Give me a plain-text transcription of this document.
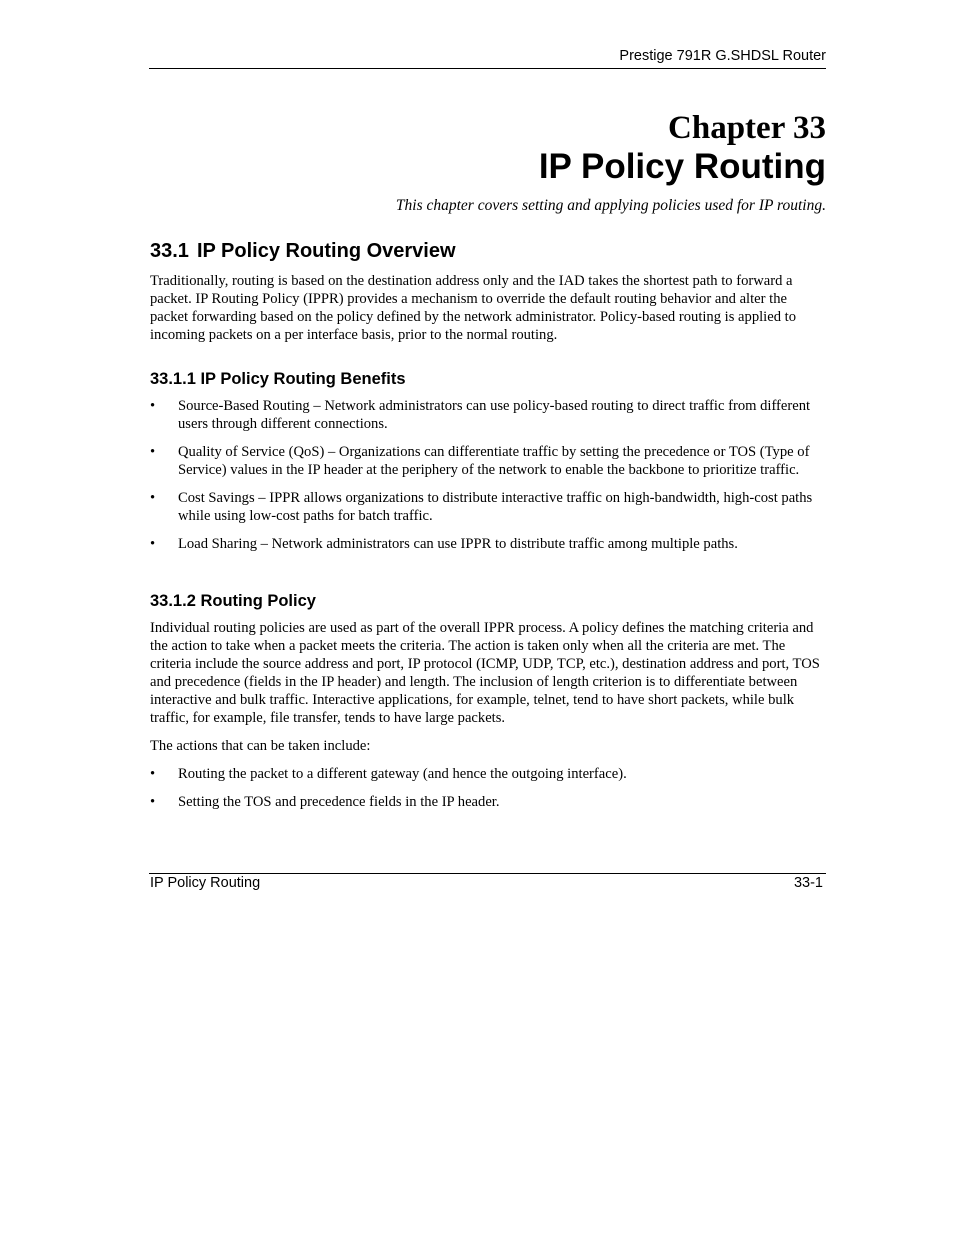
Prestige 791R G.SHDSL Router
Chapter 33
IP Policy Routing
This chapter covers setting and applying policies used for IP routing.
33.1 IP Policy Routing Overview

Traditionally, routing is based on the destination address only and the IAD takes the shortest path to forward a packet. IP Routing Policy (IPPR) provides a mechanism to override the default routing behavior and alter the packet forwarding based on the policy defined by the network administrator. Policy-based routing is applied to incoming packets on a per interface basis, prior to the normal routing.

33.1.1 IP Policy Routing Benefits
• Source-Based Routing – Network administrators can use policy-based routing to direct traffic from different users through different connections.
• Quality of Service (QoS) – Organizations can differentiate traffic by setting the precedence or TOS (Type of Service) values in the IP header at the periphery of the network to enable the backbone to prioritize traffic.
• Cost Savings – IPPR allows organizations to distribute interactive traffic on high-bandwidth, high-cost paths while using low-cost paths for batch traffic.
• Load Sharing – Network administrators can use IPPR to distribute traffic among multiple paths.
33.1.2 Routing Policy

Individual routing policies are used as part of the overall IPPR process. A policy defines the matching criteria and the action to take when a packet meets the criteria. The action is taken only when all the criteria are met. The criteria include the source address and port, IP protocol (ICMP, UDP, TCP, etc.), destination address and port, TOS and precedence (fields in the IP header) and length. The inclusion of length criterion is to differentiate between interactive and bulk traffic. Interactive applications, for example, telnet, tend to have short packets, while bulk traffic, for example, file transfer, tends to have large packets.

The actions that can be taken include:

• Routing the packet to a different gateway (and hence the outgoing interface).
• Setting the TOS and precedence fields in the IP header.
IP Policy Routing	33-1
